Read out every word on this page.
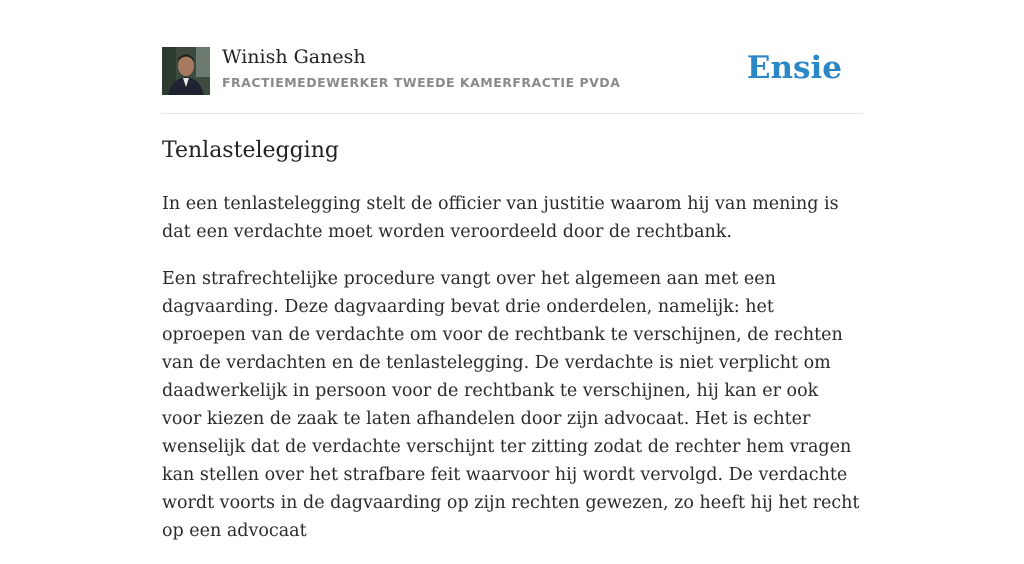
Winish Ganesh
FRACTIEMEDEWERKER TWEEDE KAMERFRACTIE PVDA	Ensie
Tenlastelegging

In een tenlastelegging stelt de officier van justitie waarom hij van mening is dat een verdachte moet worden veroordeeld door de rechtbank.

Een strafrechtelijke procedure vangt over het algemeen aan met een dagvaarding. Deze dagvaarding bevat drie onderdelen, namelijk: het oproepen van de verdachte om voor de rechtbank te verschijnen, de rechten van de verdachten en de tenlastelegging. De verdachte is niet verplicht om daadwerkelijk in persoon voor de rechtbank te verschijnen, hij kan er ook voor kiezen de zaak te laten afhandelen door zijn advocaat. Het is echter wenselijk dat de verdachte verschijnt ter zitting zodat de rechter hem vragen kan stellen over het strafbare feit waarvoor hij wordt vervolgd. De verdachte wordt voorts in de dagvaarding op zijn rechten gewezen, zo heeft hij het recht op een advocaat
